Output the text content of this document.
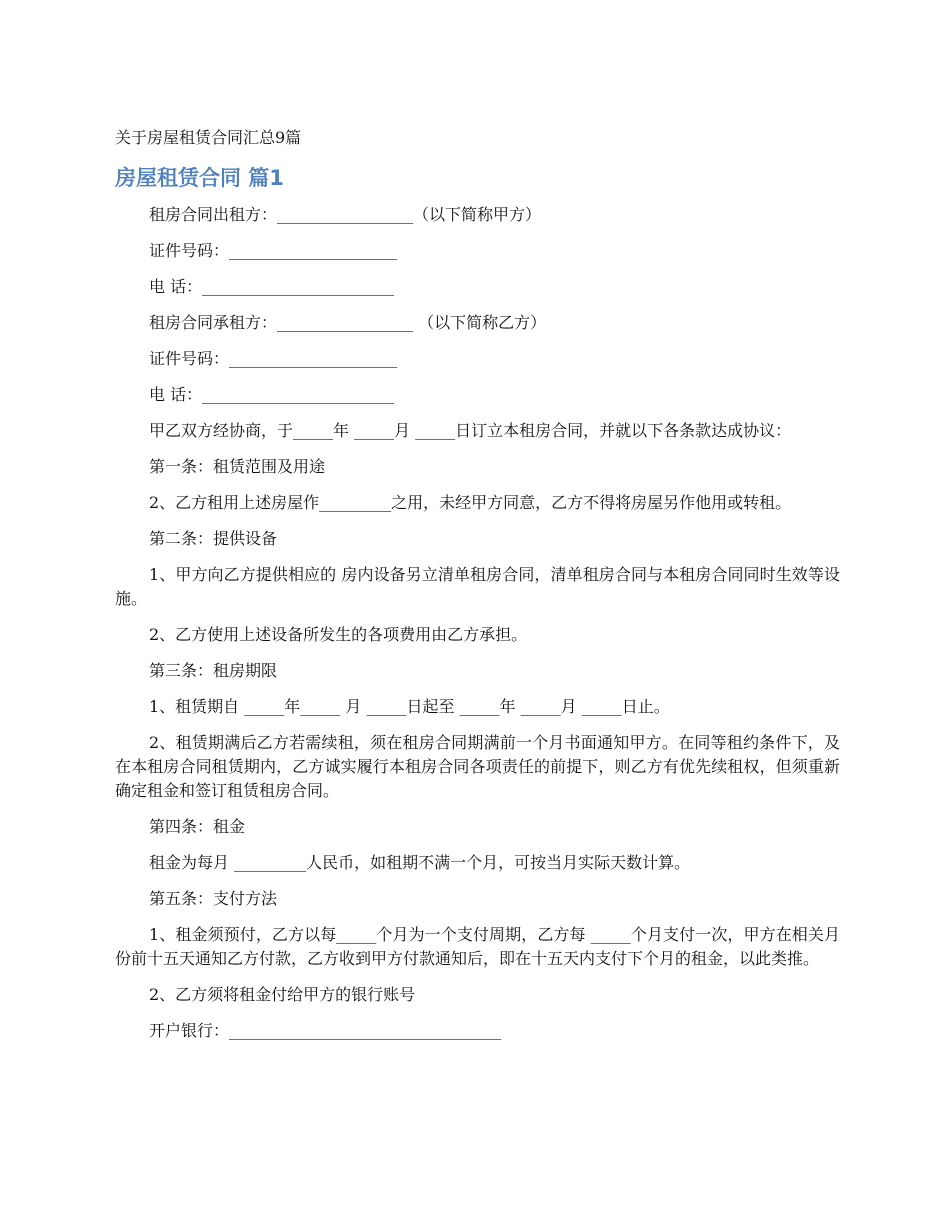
关于房屋租赁合同汇总9篇
房屋租赁合同 篇1

租房合同出租方：_________________（以下简称甲方）

证件号码：_____________________

电 话：________________________

租房合同承租方：_________________ （以下简称乙方）

证件号码：_____________________

电 话：________________________

甲乙双方经协商，于_____年 _____月 _____日订立本租房合同，并就以下各条款达成协议：

第一条：租赁范围及用途

2、乙方租用上述房屋作_________之用，未经甲方同意，乙方不得将房屋另作他用或转租。

第二条：提供设备

1、甲方向乙方提供相应的 房内设备另立清单租房合同，清单租房合同与本租房合同同时生效等设施。

2、乙方使用上述设备所发生的各项费用由乙方承担。

第三条：租房期限

1、租赁期自 _____年_____ 月 _____日起至 _____年 _____月 _____日止。

2、租赁期满后乙方若需续租，须在租房合同期满前一个月书面通知甲方。在同等租约条件下，及在本租房合同租赁期内，乙方诚实履行本租房合同各项责任的前提下，则乙方有优先续租权，但须重新确定租金和签订租赁租房合同。

第四条：租金

租金为每月 _________人民币，如租期不满一个月，可按当月实际天数计算。

第五条：支付方法

1、租金须预付，乙方以每_____个月为一个支付周期，乙方每 _____个月支付一次，甲方在相关月份前十五天通知乙方付款，乙方收到甲方付款通知后，即在十五天内支付下个月的租金，以此类推。

2、乙方须将租金付给甲方的银行账号

开户银行：__________________________________
